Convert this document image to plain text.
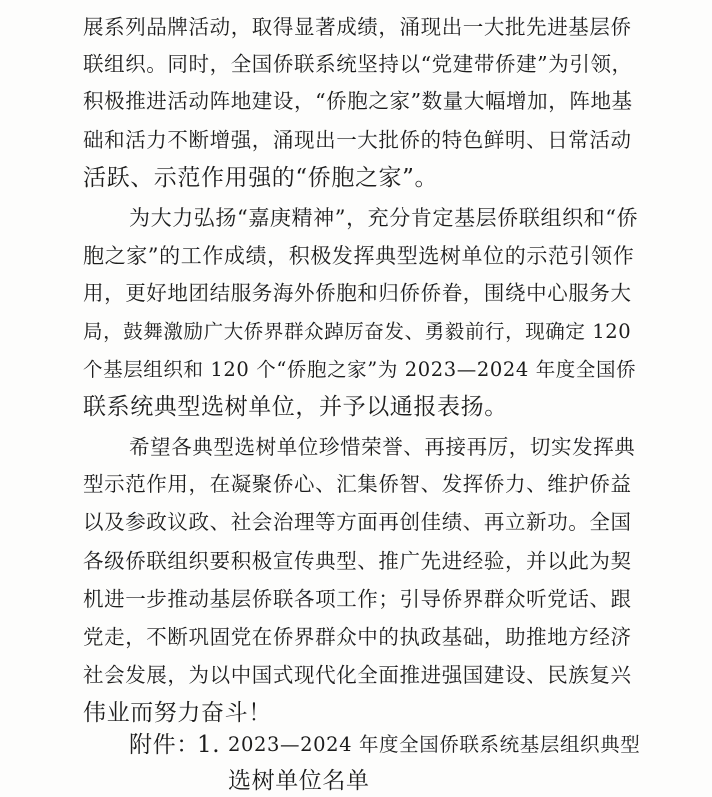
展系列品牌活动，取得显著成绩，涌现出一大批先进基层侨
联组织。同时，全国侨联系统坚持以“党建带侨建”为引领，
积极推进活动阵地建设，“侨胞之家”数量大幅增加，阵地基
础和活力不断增强，涌现出一大批侨的特色鲜明、日常活动
活跃、示范作用强的“侨胞之家”。
为大力弘扬“嘉庚精神”，充分肯定基层侨联组织和“侨
胞之家”的工作成绩，积极发挥典型选树单位的示范引领作
用，更好地团结服务海外侨胞和归侨侨眷，围绕中心服务大
局，鼓舞激励广大侨界群众踔厉奋发、勇毅前行，现确定 120
个基层组织和 120 个“侨胞之家”为 2023—2024 年度全国侨
联系统典型选树单位，并予以通报表扬。
希望各典型选树单位珍惜荣誉、再接再厉，切实发挥典
型示范作用，在凝聚侨心、汇集侨智、发挥侨力、维护侨益
以及参政议政、社会治理等方面再创佳绩、再立新功。全国
各级侨联组织要积极宣传典型、推广先进经验，并以此为契
机进一步推动基层侨联各项工作；引导侨界群众听党话、跟
党走，不断巩固党在侨界群众中的执政基础，助推地方经济
社会发展，为以中国式现代化全面推进强国建设、民族复兴
伟业而努力奋斗！
附件：
1. 2023—2024 年度全国侨联系统基层组织典型
选树单位名单
